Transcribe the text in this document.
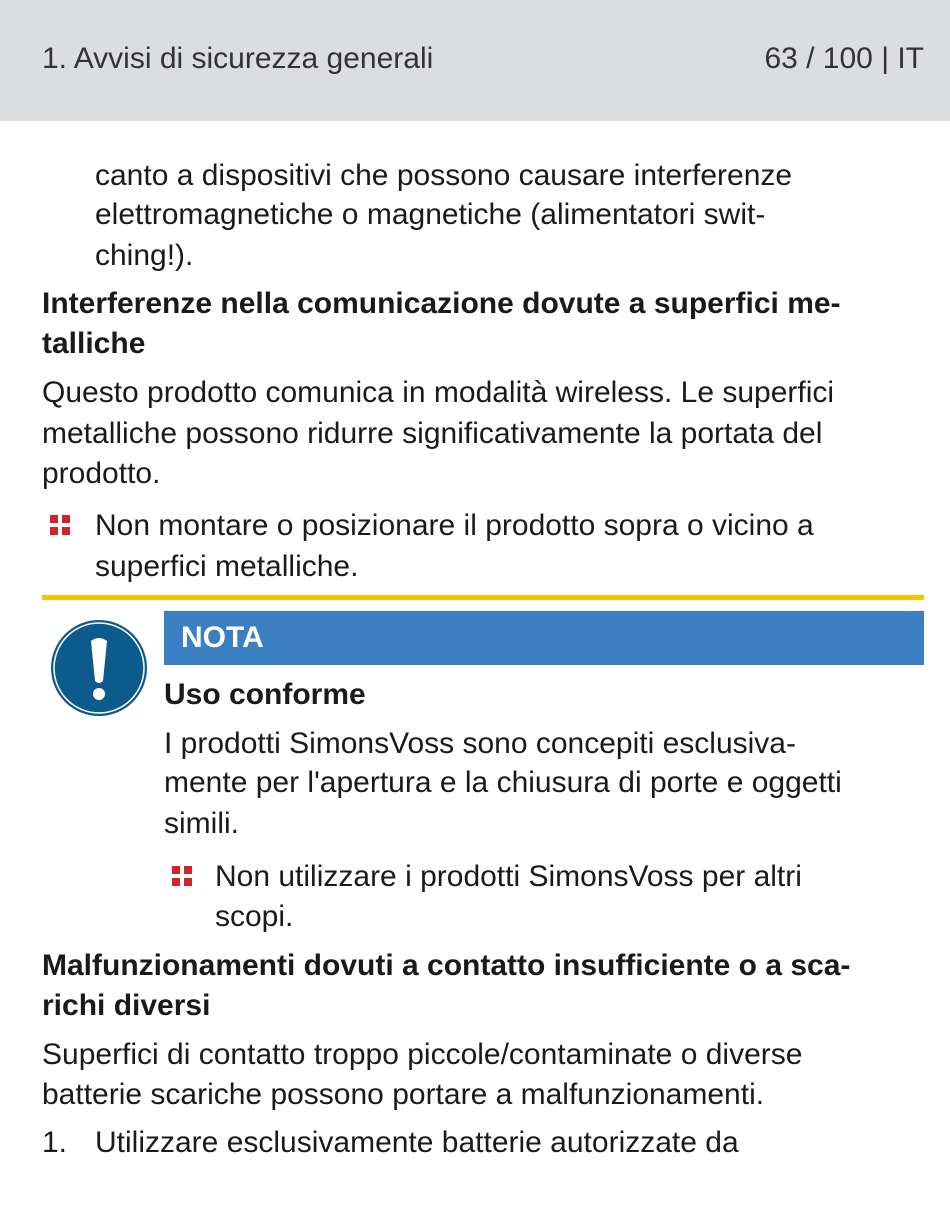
1. Avvisi di sicurezza generali	63 / 100 | IT
canto a dispositivi che possono causare interferenze
elettromagnetiche o magnetiche (alimentatori swit-
ching!).
Interferenze nella comunicazione dovute a superfici me-
talliche
Questo prodotto comunica in modalità wireless. Le superfici
metalliche possono ridurre significativamente la portata del
prodotto.
Non montare o posizionare il prodotto sopra o vicino a
superfici metalliche.
NOTA
Uso conforme
I prodotti SimonsVoss sono concepiti esclusiva-
mente per l'apertura e la chiusura di porte e oggetti
simili.
Non utilizzare i prodotti SimonsVoss per altri
scopi.
Malfunzionamenti dovuti a contatto insufficiente o a sca-
richi diversi
Superfici di contatto troppo piccole/contaminate o diverse
batterie scariche possono portare a malfunzionamenti.
1. Utilizzare esclusivamente batterie autorizzate da
